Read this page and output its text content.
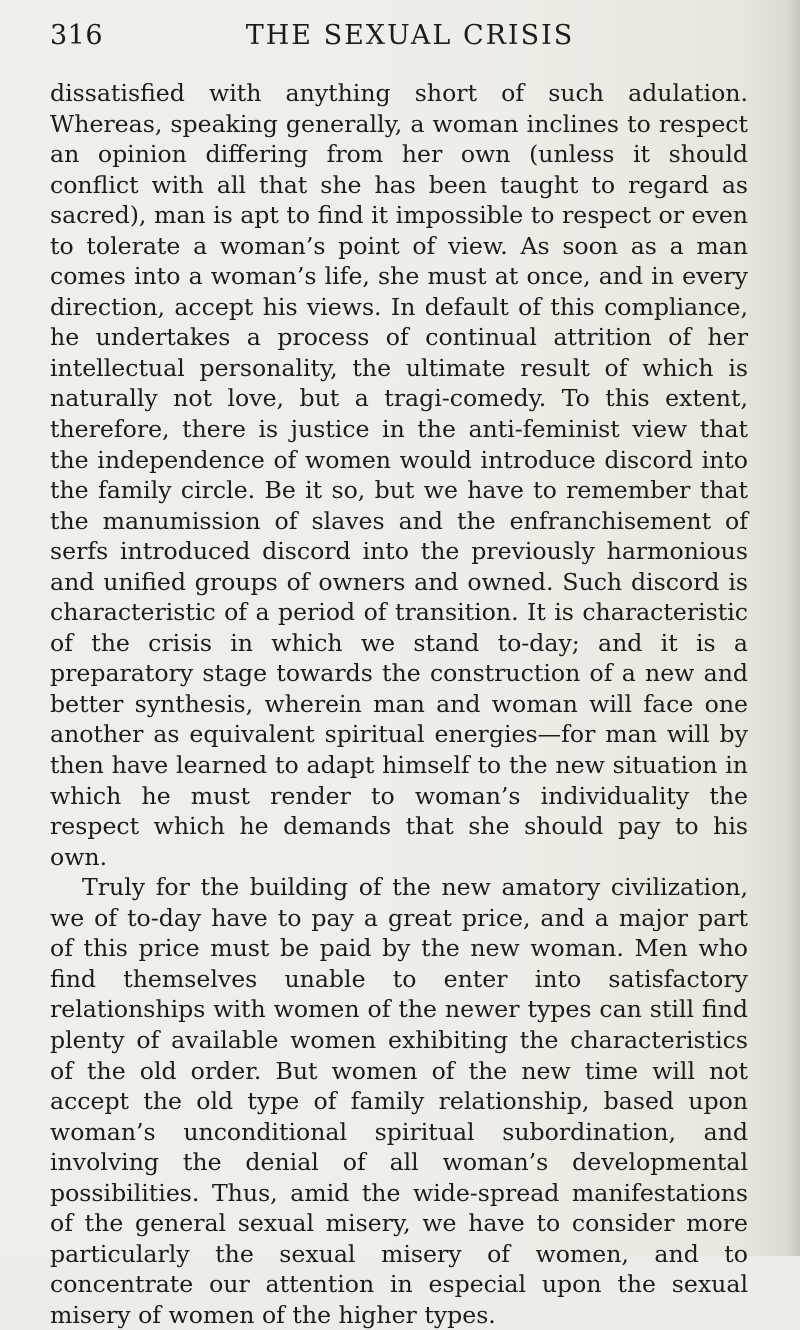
316	THE SEXUAL CRISIS

dissatisfied with anything short of such adulation. Whereas, speaking generally, a woman inclines to respect an opinion differing from her own (unless it should conflict with all that she has been taught to regard as sacred), man is apt to find it impossible to respect or even to tolerate a woman’s point of view. As soon as a man comes into a woman’s life, she must at once, and in every direction, accept his views. In default of this compliance, he undertakes a process of continual attrition of her intellectual personality, the ultimate result of which is naturally not love, but a tragi-comedy. To this extent, therefore, there is justice in the anti-feminist view that the independence of women would introduce discord into the family circle. Be it so, but we have to remember that the manumission of slaves and the enfranchisement of serfs introduced discord into the previously harmonious and unified groups of owners and owned. Such discord is characteristic of a period of transition. It is characteristic of the crisis in which we stand to-day; and it is a preparatory stage towards the construction of a new and better synthesis, wherein man and woman will face one another as equivalent spiritual energies—for man will by then have learned to adapt himself to the new situation in which he must render to woman’s individuality the respect which he demands that she should pay to his own.

Truly for the building of the new amatory civilization, we of to-day have to pay a great price, and a major part of this price must be paid by the new woman. Men who find themselves unable to enter into satisfactory relationships with women of the newer types can still find plenty of available women exhibiting the characteristics of the old order. But women of the new time will not accept the old type of family relationship, based upon woman’s unconditional spiritual subordination, and involving the denial of all woman’s developmental possibilities. Thus, amid the wide-spread manifestations of the general sexual misery, we have to consider more particularly the sexual misery of women, and to concentrate our attention in especial upon the sexual misery of women of the higher types.
